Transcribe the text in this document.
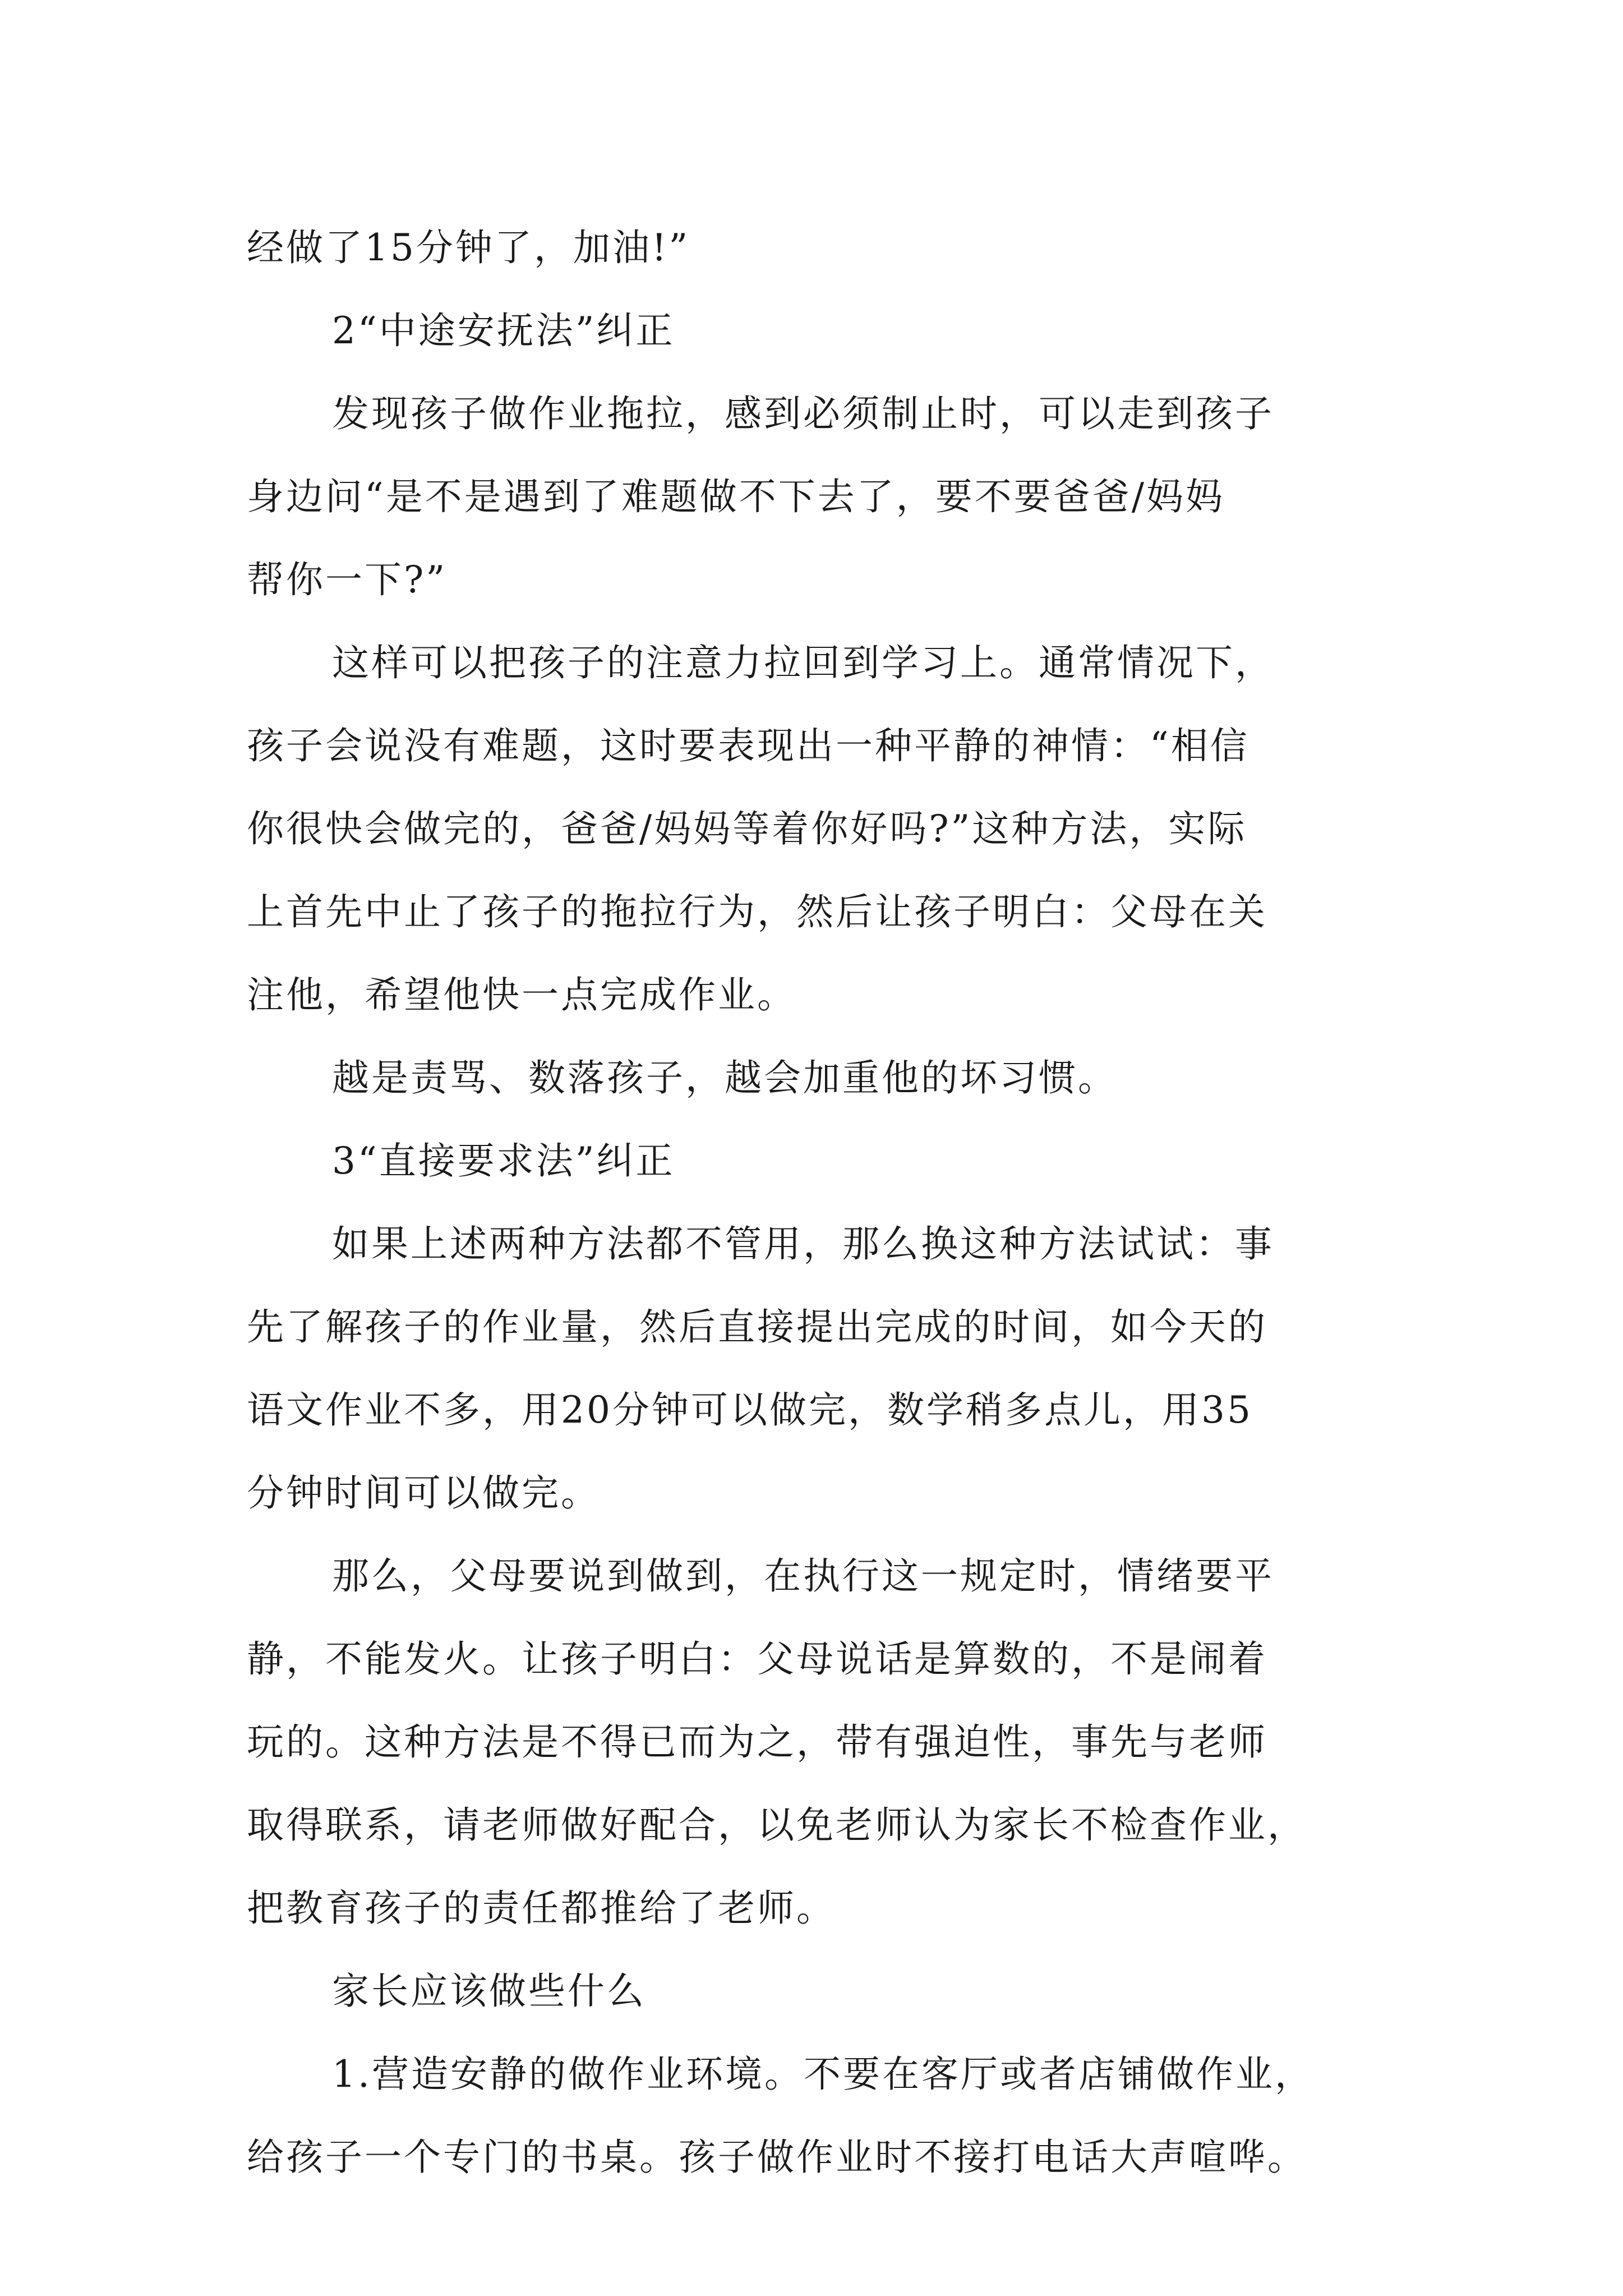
经做了15分钟了，加油!”
2“中途安抚法”纠正
发现孩子做作业拖拉，感到必须制止时，可以走到孩子
身边问“是不是遇到了难题做不下去了，要不要爸爸/妈妈
帮你一下?”
这样可以把孩子的注意力拉回到学习上。通常情况下，
孩子会说没有难题，这时要表现出一种平静的神情：“相信
你很快会做完的，爸爸/妈妈等着你好吗?”这种方法，实际
上首先中止了孩子的拖拉行为，然后让孩子明白：父母在关
注他，希望他快一点完成作业。
越是责骂、数落孩子，越会加重他的坏习惯。
3“直接要求法”纠正
如果上述两种方法都不管用，那么换这种方法试试：事
先了解孩子的作业量，然后直接提出完成的时间，如今天的
语文作业不多，用20分钟可以做完，数学稍多点儿，用35
分钟时间可以做完。
那么，父母要说到做到，在执行这一规定时，情绪要平
静，不能发火。让孩子明白：父母说话是算数的，不是闹着
玩的。这种方法是不得已而为之，带有强迫性，事先与老师
取得联系，请老师做好配合，以免老师认为家长不检查作业，
把教育孩子的责任都推给了老师。
家长应该做些什么
1.营造安静的做作业环境。不要在客厅或者店铺做作业，
给孩子一个专门的书桌。孩子做作业时不接打电话大声喧哗。
